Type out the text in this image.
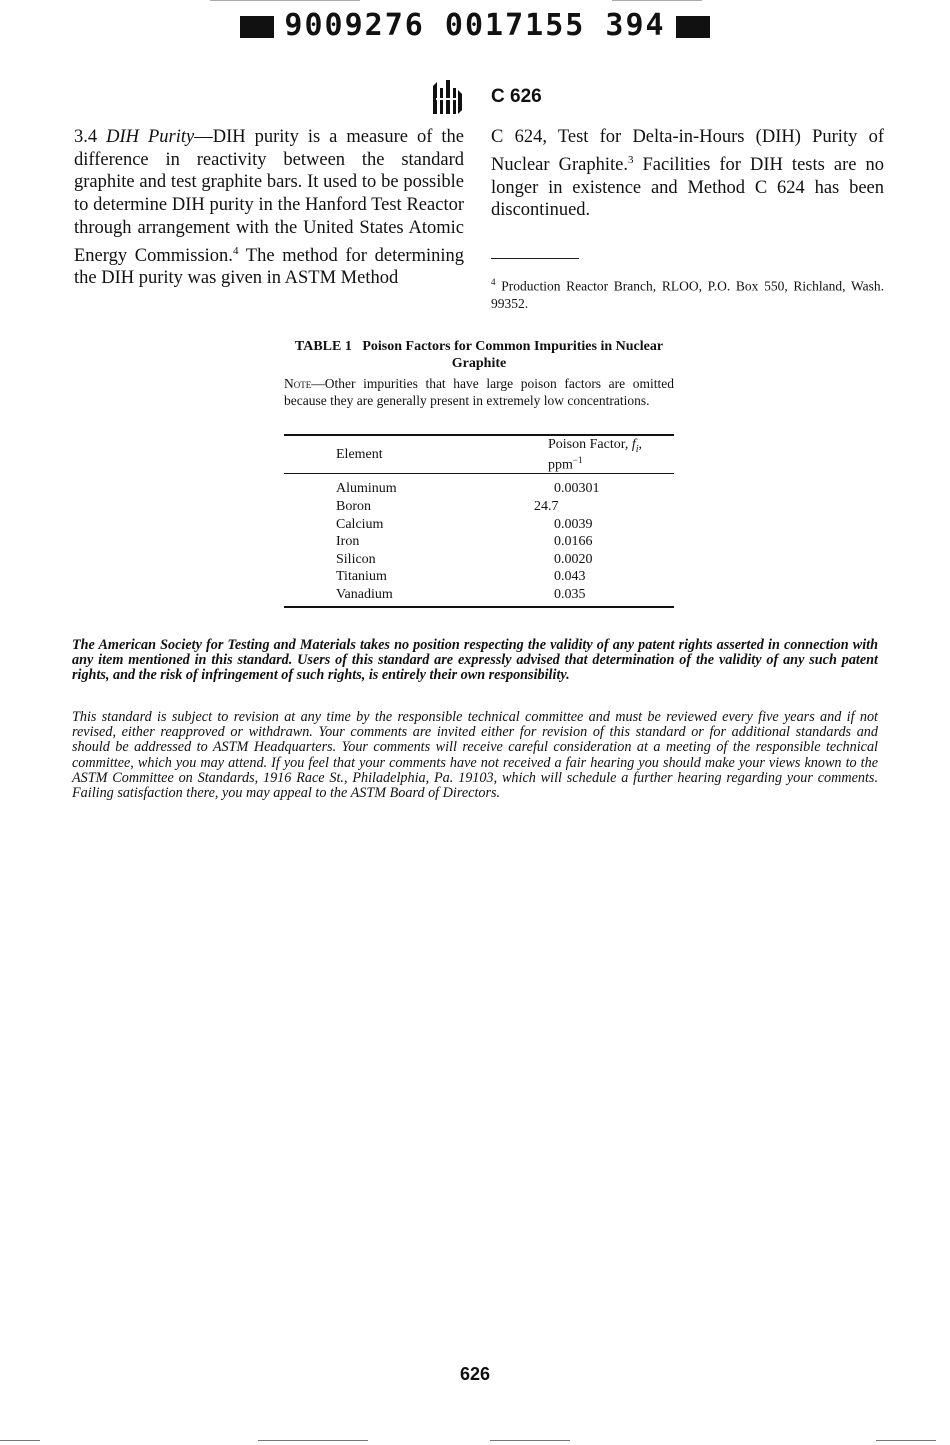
9009276 0017155 394
C 626

3.4 DIH Purity—DIH purity is a measure of the difference in reactivity between the standard graphite and test graphite bars. It used to be possible to determine DIH purity in the Hanford Test Reactor through arrangement with the United States Atomic Energy Commission.$^4$ The method for determining the DIH purity was given in ASTM Method

C 624, Test for Delta-in-Hours (DIH) Purity of Nuclear Graphite.$^3$ Facilities for DIH tests are no longer in existence and Method C 624 has been discontinued.

$^4$ Production Reactor Branch, RLOO, P.O. Box 550, Richland, Wash. 99352.
TABLE 1 Poison Factors for Common Impurities in Nuclear Graphite
Note—Other impurities that have large poison factors are omitted because they are generally present in extremely low concentrations.
Element	Poison Factor, $f_i$, ppm$^{-1}$

Aluminum	0.00301
Boron	24.7
Calcium	0.0039
Iron	0.0166
Silicon	0.0020
Titanium	0.043
Vanadium	0.035
The American Society for Testing and Materials takes no position respecting the validity of any patent rights asserted in connection with any item mentioned in this standard. Users of this standard are expressly advised that determination of the validity of any such patent rights, and the risk of infringement of such rights, is entirely their own responsibility.
This standard is subject to revision at any time by the responsible technical committee and must be reviewed every five years and if not revised, either reapproved or withdrawn. Your comments are invited either for revision of this standard or for additional standards and should be addressed to ASTM Headquarters. Your comments will receive careful consideration at a meeting of the responsible technical committee, which you may attend. If you feel that your comments have not received a fair hearing you should make your views known to the ASTM Committee on Standards, 1916 Race St., Philadelphia, Pa. 19103, which will schedule a further hearing regarding your comments. Failing satisfaction there, you may appeal to the ASTM Board of Directors.
626
